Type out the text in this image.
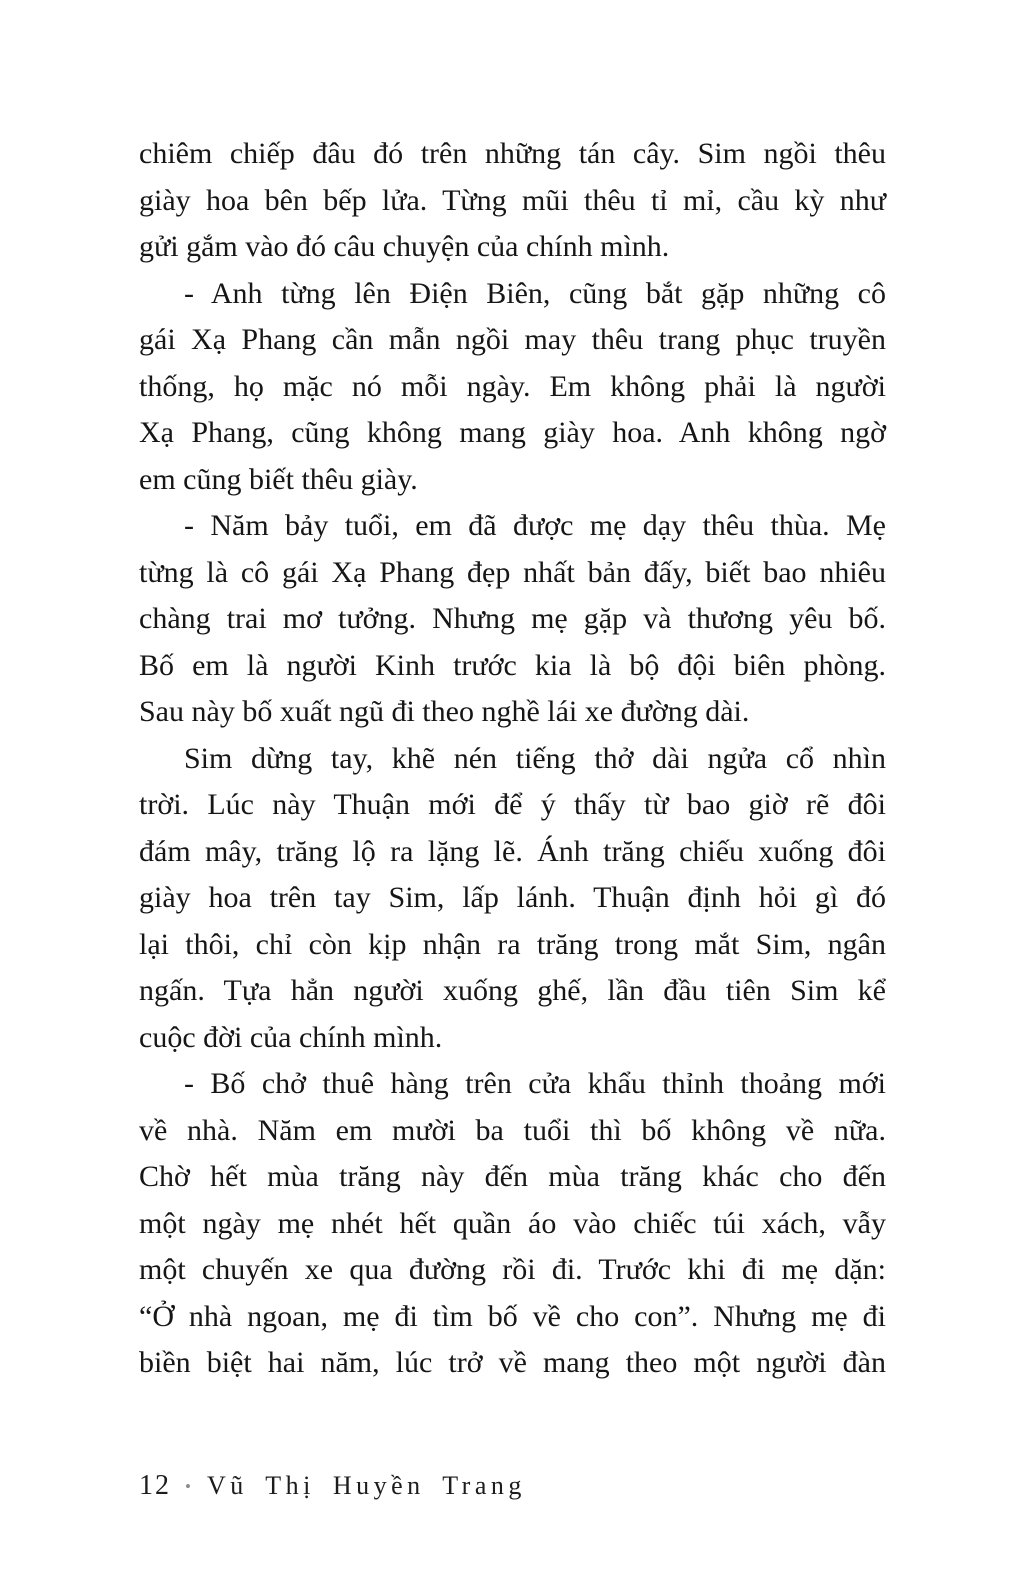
chiêm chiếp đâu đó trên những tán cây. Sim ngồi thêu
giày hoa bên bếp lửa. Từng mũi thêu tỉ mỉ, cầu kỳ như
gửi gắm vào đó câu chuyện của chính mình.
- Anh từng lên Điện Biên, cũng bắt gặp những cô
gái Xạ Phang cần mẫn ngồi may thêu trang phục truyền
thống, họ mặc nó mỗi ngày. Em không phải là người
Xạ Phang, cũng không mang giày hoa. Anh không ngờ
em cũng biết thêu giày.
- Năm bảy tuổi, em đã được mẹ dạy thêu thùa. Mẹ
từng là cô gái Xạ Phang đẹp nhất bản đấy, biết bao nhiêu
chàng trai mơ tưởng. Nhưng mẹ gặp và thương yêu bố.
Bố em là người Kinh trước kia là bộ đội biên phòng.
Sau này bố xuất ngũ đi theo nghề lái xe đường dài.
Sim dừng tay, khẽ nén tiếng thở dài ngửa cổ nhìn
trời. Lúc này Thuận mới để ý thấy từ bao giờ rẽ đôi
đám mây, trăng lộ ra lặng lẽ. Ánh trăng chiếu xuống đôi
giày hoa trên tay Sim, lấp lánh. Thuận định hỏi gì đó
lại thôi, chỉ còn kịp nhận ra trăng trong mắt Sim, ngân
ngấn. Tựa hẳn người xuống ghế, lần đầu tiên Sim kể
cuộc đời của chính mình.
- Bố chở thuê hàng trên cửa khẩu thỉnh thoảng mới
về nhà. Năm em mười ba tuổi thì bố không về nữa.
Chờ hết mùa trăng này đến mùa trăng khác cho đến
một ngày mẹ nhét hết quần áo vào chiếc túi xách, vẫy
một chuyến xe qua đường rồi đi. Trước khi đi mẹ dặn:
“Ở nhà ngoan, mẹ đi tìm bố về cho con”. Nhưng mẹ đi
biền biệt hai năm, lúc trở về mang theo một người đàn
12 • Vũ Thị Huyền Trang
